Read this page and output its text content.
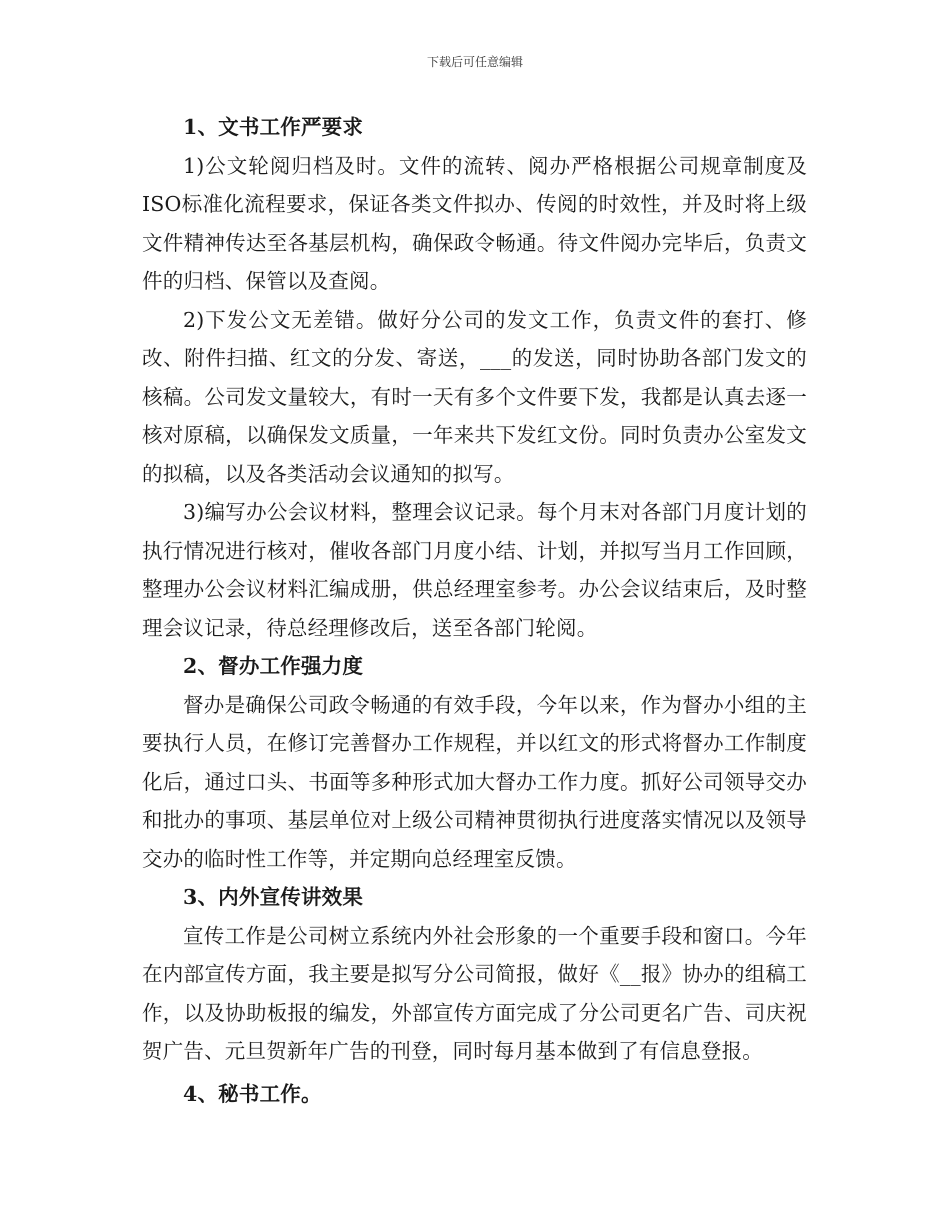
下载后可任意编辑

1、文书工作严要求

1)公文轮阅归档及时。文件的流转、阅办严格根据公司规章制度及ISO标准化流程要求，保证各类文件拟办、传阅的时效性，并及时将上级文件精神传达至各基层机构，确保政令畅通。待文件阅办完毕后，负责文件的归档、保管以及查阅。

2)下发公文无差错。做好分公司的发文工作，负责文件的套打、修改、附件扫描、红文的分发、寄送，___的发送，同时协助各部门发文的核稿。公司发文量较大，有时一天有多个文件要下发，我都是认真去逐一核对原稿，以确保发文质量，一年来共下发红文份。同时负责办公室发文的拟稿，以及各类活动会议通知的拟写。

3)编写办公会议材料，整理会议记录。每个月末对各部门月度计划的执行情况进行核对，催收各部门月度小结、计划，并拟写当月工作回顾，整理办公会议材料汇编成册，供总经理室参考。办公会议结束后，及时整理会议记录，待总经理修改后，送至各部门轮阅。

2、督办工作强力度

督办是确保公司政令畅通的有效手段，今年以来，作为督办小组的主要执行人员，在修订完善督办工作规程，并以红文的形式将督办工作制度化后，通过口头、书面等多种形式加大督办工作力度。抓好公司领导交办和批办的事项、基层单位对上级公司精神贯彻执行进度落实情况以及领导交办的临时性工作等，并定期向总经理室反馈。

3、内外宣传讲效果

宣传工作是公司树立系统内外社会形象的一个重要手段和窗口。今年在内部宣传方面，我主要是拟写分公司简报，做好《__报》协办的组稿工作，以及协助板报的编发，外部宣传方面完成了分公司更名广告、司庆祝贺广告、元旦贺新年广告的刊登，同时每月基本做到了有信息登报。

4、秘书工作。
